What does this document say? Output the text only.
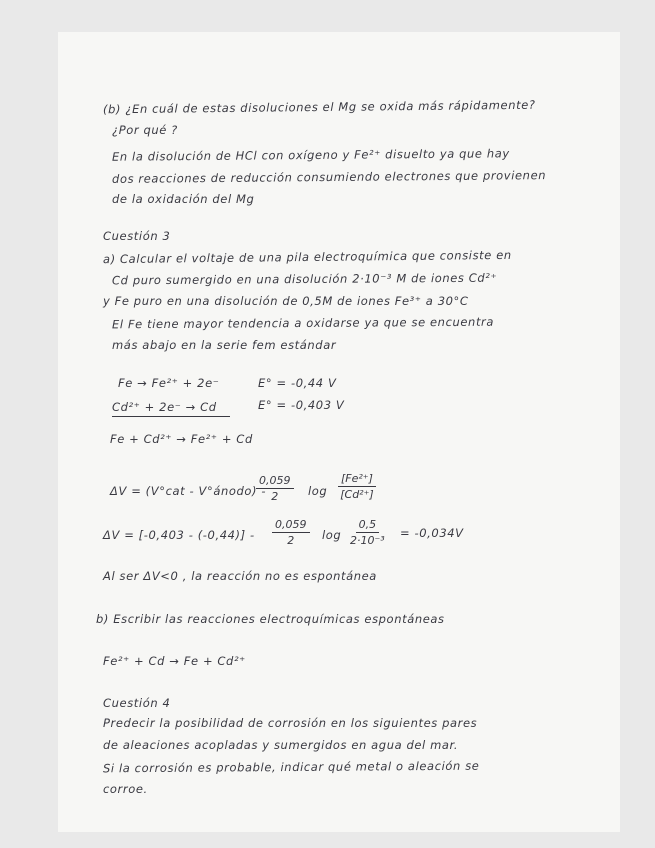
(b) ¿En cuál de estas disoluciones el Mg se oxida más rápidamente?

¿Por qué ?

En la disolución de HCl con oxígeno y Fe²⁺ disuelto ya que hay

dos reacciones de reducción consumiendo electrones que provienen

de la oxidación del Mg

Cuestión 3

a) Calcular el voltaje de una pila electroquímica que consiste en

Cd puro sumergido en una disolución 2·10⁻³ M de iones Cd²⁺

y Fe puro en una disolución de 0,5M de iones Fe³⁺ a 30°C

El Fe tiene mayor tendencia a oxidarse ya que se encuentra

más abajo en la serie fem estándar

Fe → Fe²⁺ + 2e⁻	E° = -0,44 V

Cd²⁺ + 2e⁻ → Cd	E° = -0,403 V

Fe + Cd²⁺ → Fe²⁺ + Cd

ΔV = (V°cat - V°ánodo) -

$\frac{0,059}{2}$ $\log \frac{\text{[Fe²⁺]}}{\text{[Cd²⁺]}}$

$\Delta V = [-0,403 - (-0,44)] - \frac{0,059}{2}$ $\log \frac{0,5}{\text{2·10⁻³}} = -0,034V$

Al ser ΔV<0 , la reacción no es espontánea

b) Escribir las reacciones electroquímicas espontáneas

Fe²⁺ + Cd → Fe + Cd²⁺

Cuestión 4

Predecir la posibilidad de corrosión en los siguientes pares

de aleaciones acopladas y sumergidos en agua del mar.

Si la corrosión es probable, indicar qué metal o aleación se

corroe.
